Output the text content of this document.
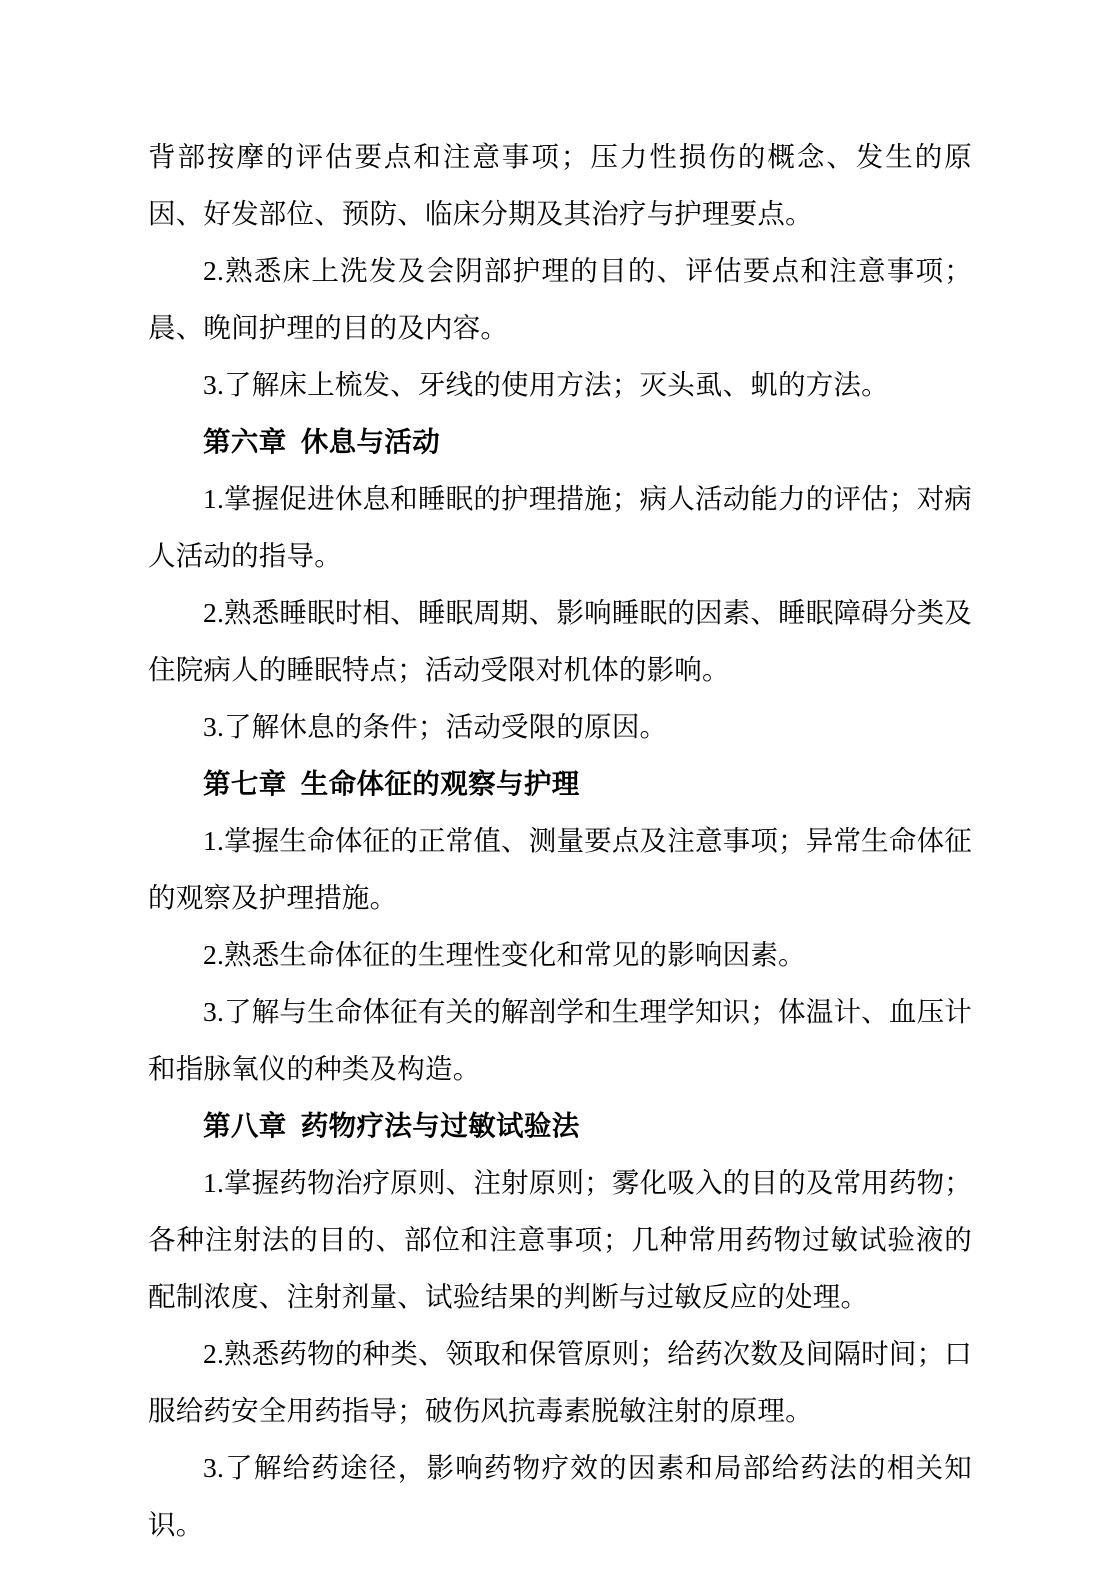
背部按摩的评估要点和注意事项；压力性损伤的概念、发生的原因、好发部位、预防、临床分期及其治疗与护理要点。

2.熟悉床上洗发及会阴部护理的目的、评估要点和注意事项；晨、晚间护理的目的及内容。

3.了解床上梳发、牙线的使用方法；灭头虱、虮的方法。

第六章 休息与活动

1.掌握促进休息和睡眠的护理措施；病人活动能力的评估；对病人活动的指导。

2.熟悉睡眠时相、睡眠周期、影响睡眠的因素、睡眠障碍分类及住院病人的睡眠特点；活动受限对机体的影响。

3.了解休息的条件；活动受限的原因。

第七章 生命体征的观察与护理

1.掌握生命体征的正常值、测量要点及注意事项；异常生命体征的观察及护理措施。

2.熟悉生命体征的生理性变化和常见的影响因素。

3.了解与生命体征有关的解剖学和生理学知识；体温计、血压计和指脉氧仪的种类及构造。

第八章 药物疗法与过敏试验法

1.掌握药物治疗原则、注射原则；雾化吸入的目的及常用药物；各种注射法的目的、部位和注意事项；几种常用药物过敏试验液的配制浓度、注射剂量、试验结果的判断与过敏反应的处理。

2.熟悉药物的种类、领取和保管原则；给药次数及间隔时间；口服给药安全用药指导；破伤风抗毒素脱敏注射的原理。

3.了解给药途径，影响药物疗效的因素和局部给药法的相关知识。
